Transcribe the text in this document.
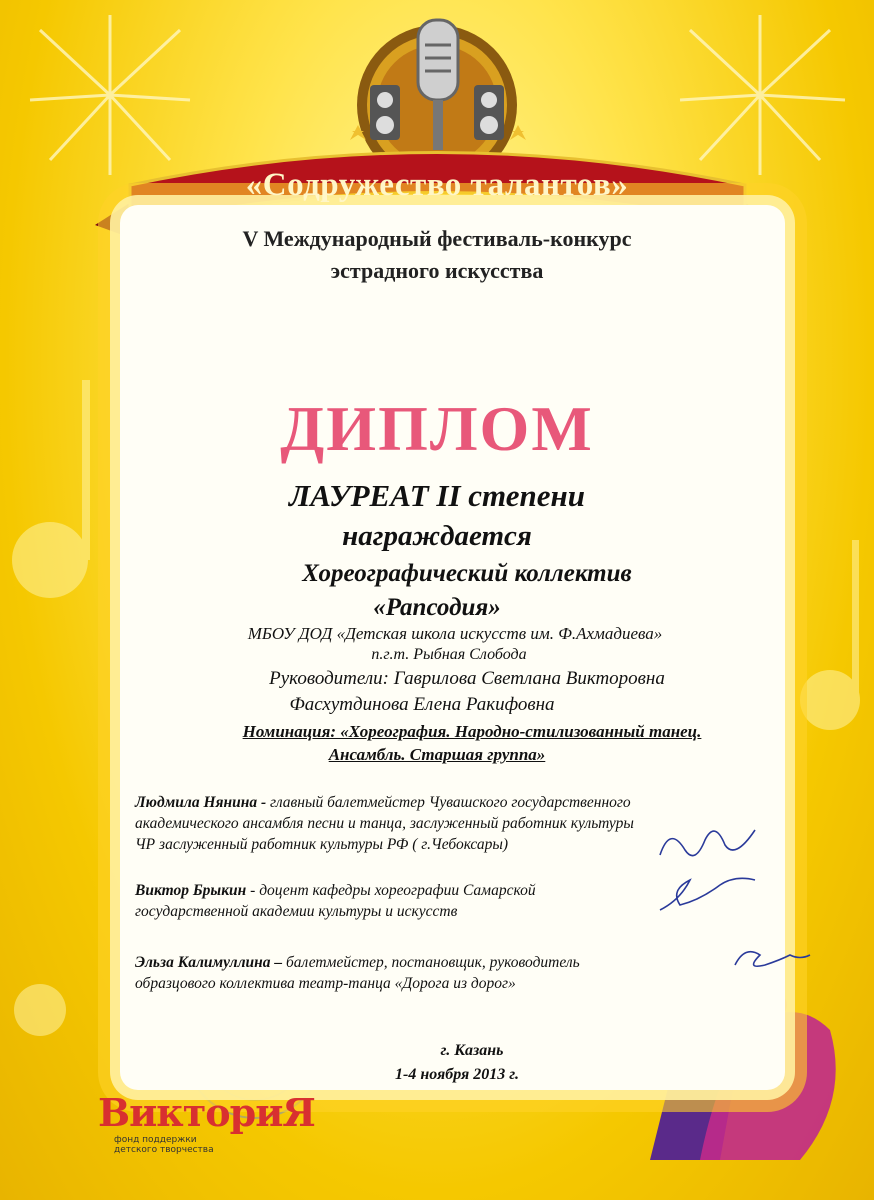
«Содружество талантов»
V Международный фестиваль-конкурс
эстрадного искусства
ДИПЛОМ
ЛАУРЕАТ II степени
награждается
Хореографический коллектив
«Рапсодия»
МБОУ ДОД «Детская школа искусств им. Ф.Ахмадиева»
п.г.т. Рыбная Слобода
Руководители: Гаврилова Светлана Викторовна
Фасхутдинова Елена Ракифовна
Номинация: «Хореография. Народно-стилизованный танец.
Ансамбль. Старшая группа»
Людмила Нянина - главный балетмейстер Чувашского государственного
академического ансамбля песни и танца, заслуженный работник культуры
ЧР заслуженный работник культуры РФ ( г.Чебоксары)
Виктор Брыкин - доцент кафедры хореографии Самарской
государственной академии культуры и искусств
Эльза Калимуллина – балетмейстер, постановщик, руководитель
образцового коллектива театр-танца «Дорога из дорог»
г. Казань
1-4 ноября 2013 г.
ВикториЯ
фонд поддержки
детского творчества
